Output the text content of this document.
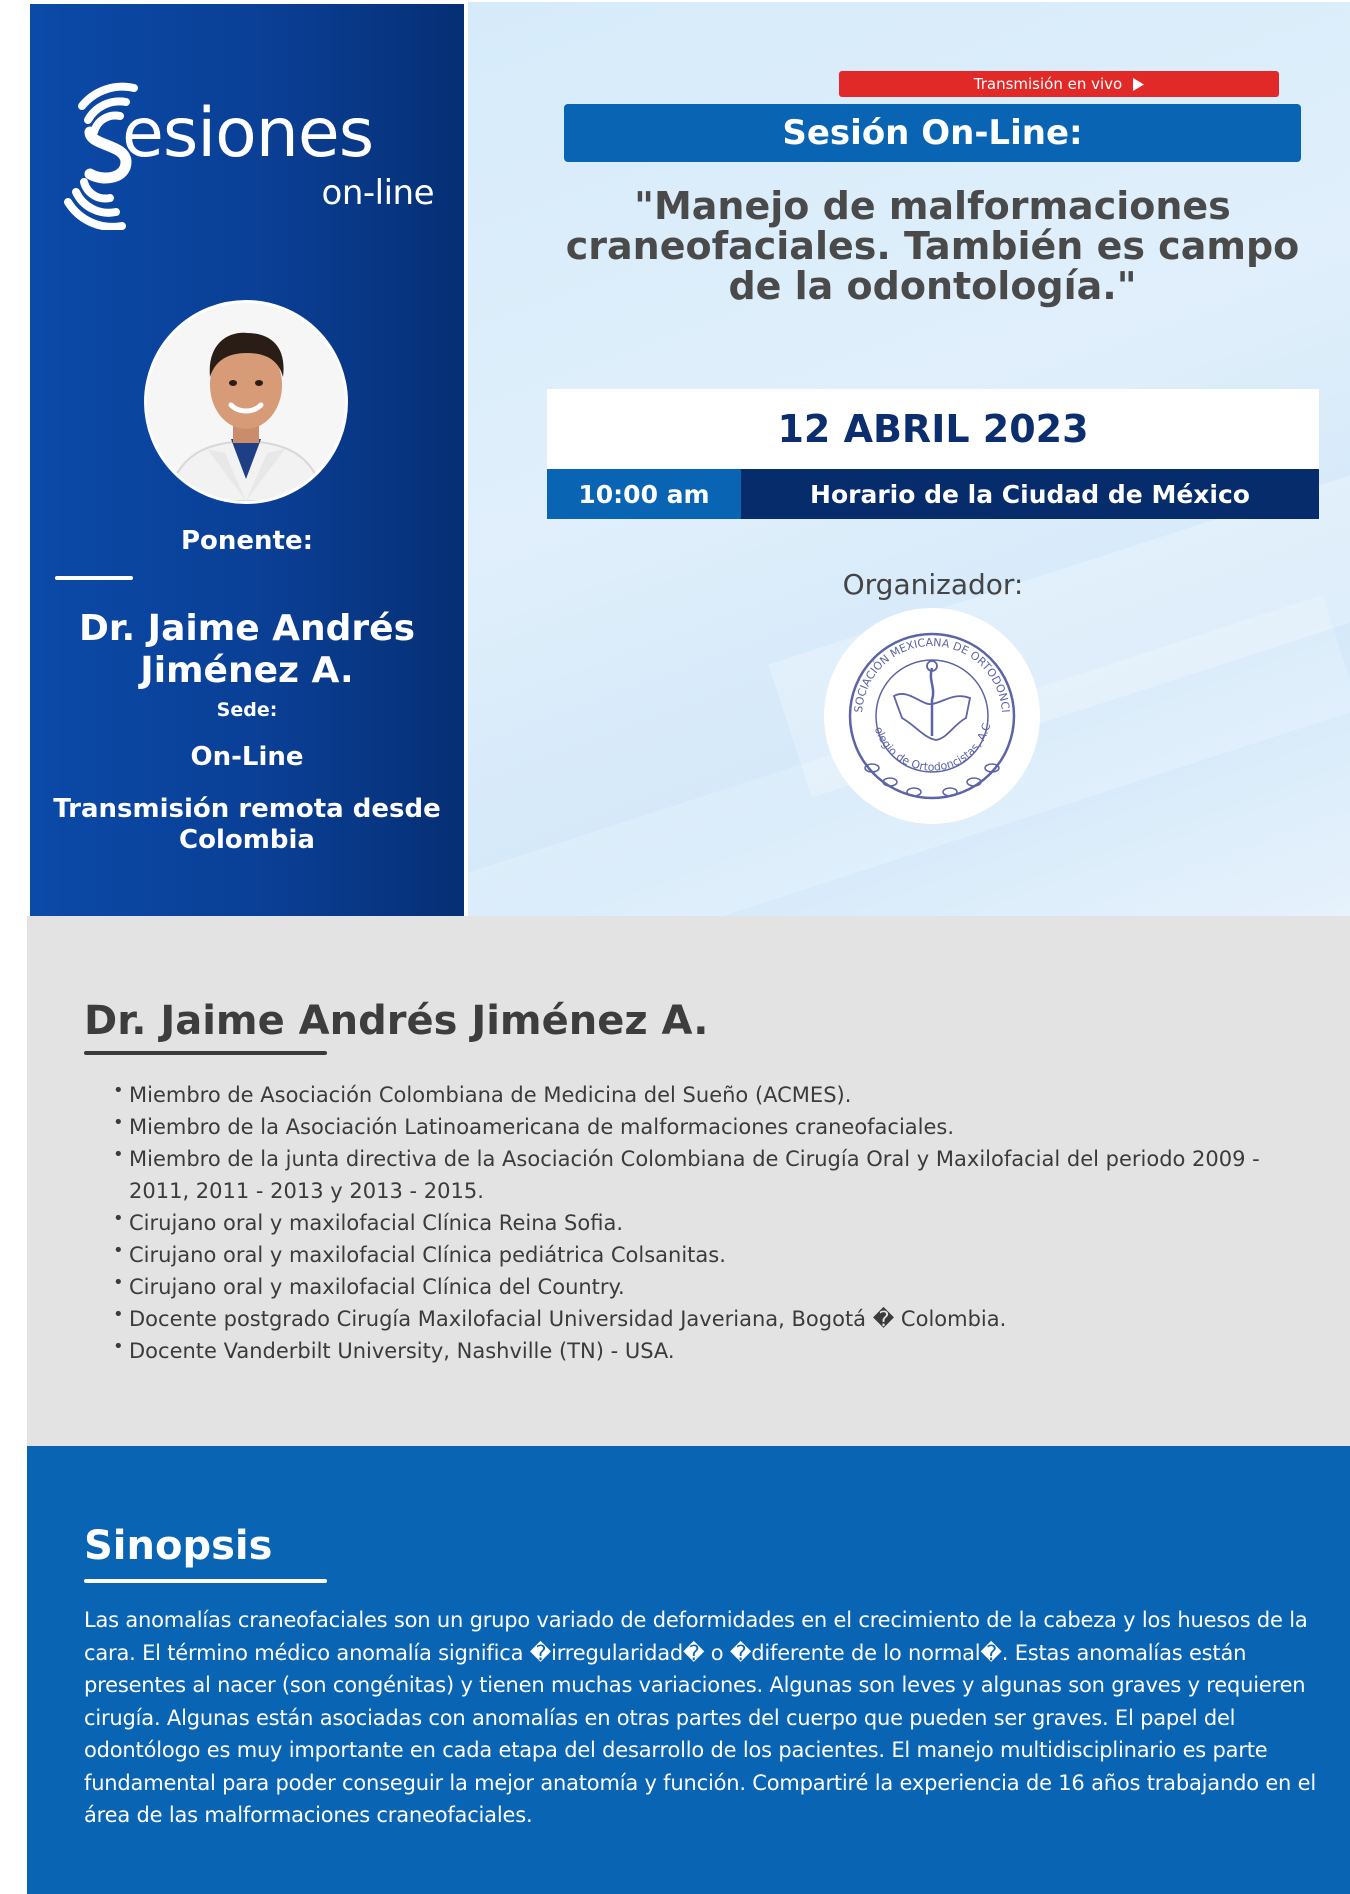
esiones
on-line
Ponente:
Dr. Jaime Andrés Jiménez A.
Sede:
On-Line
Transmisión remota desde Colombia
Transmisión en vivo
Sesión On-Line:
"Manejo de malformaciones craneofaciales. También es campo de la odontología."
12 ABRIL 2023
10:00 am	Horario de la Ciudad de México
Organizador:
SOCIACIÓN MEXICANA DE ORTODONCI
olegio de Ortodoncistas, A.C
Dr. Jaime Andrés Jiménez A.
• Miembro de Asociación Colombiana de Medicina del Sueño (ACMES).
• Miembro de la Asociación Latinoamericana de malformaciones craneofaciales.
• Miembro de la junta directiva de la Asociación Colombiana de Cirugía Oral y Maxilofacial del periodo 2009 - 2011, 2011 - 2013 y 2013 - 2015.
• Cirujano oral y maxilofacial Clínica Reina Sofia.
• Cirujano oral y maxilofacial Clínica pediátrica Colsanitas.
• Cirujano oral y maxilofacial Clínica del Country.
• Docente postgrado Cirugía Maxilofacial Universidad Javeriana, Bogotá � Colombia.
• Docente Vanderbilt University, Nashville (TN) - USA.
Sinopsis

Las anomalías craneofaciales son un grupo variado de deformidades en el crecimiento de la cabeza y los huesos de la cara. El término médico anomalía significa �irregularidad� o �diferente de lo normal�. Estas anomalías están presentes al nacer (son congénitas) y tienen muchas variaciones. Algunas son leves y algunas son graves y requieren cirugía. Algunas están asociadas con anomalías en otras partes del cuerpo que pueden ser graves. El papel del odontólogo es muy importante en cada etapa del desarrollo de los pacientes. El manejo multidisciplinario es parte fundamental para poder conseguir la mejor anatomía y función. Compartiré la experiencia de 16 años trabajando en el área de las malformaciones craneofaciales.
